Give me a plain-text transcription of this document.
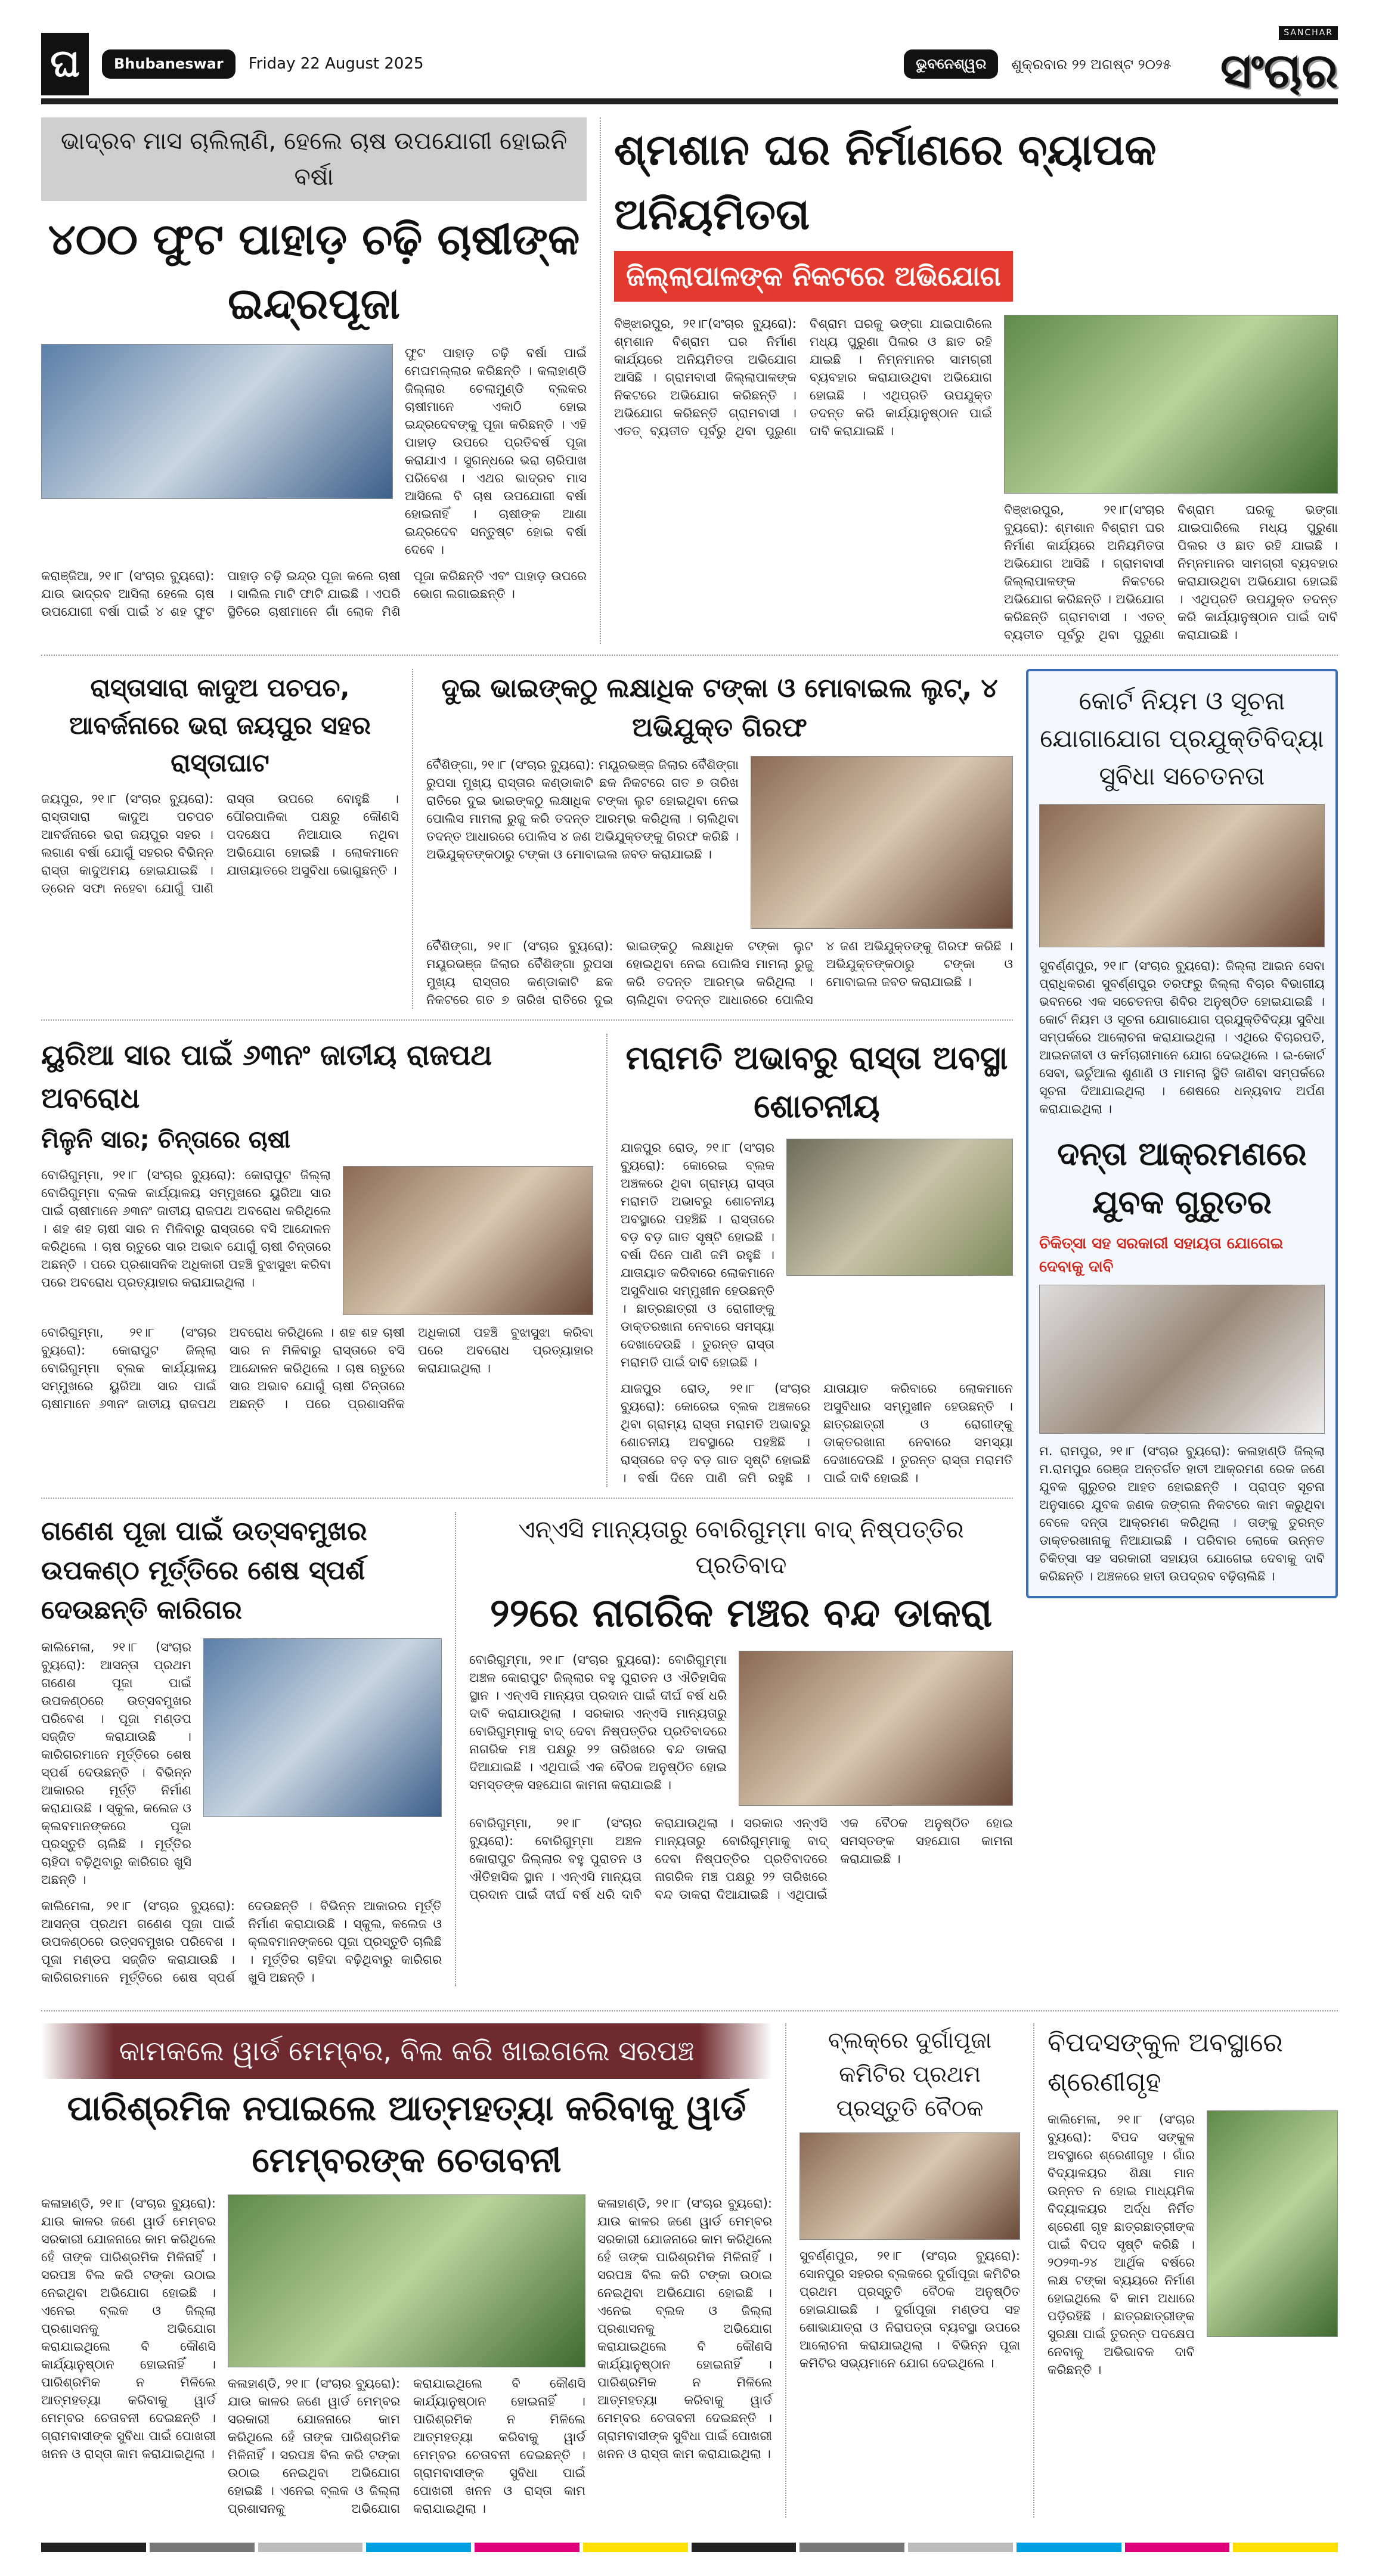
ଘ	Bhubaneswar	Friday 22 August 2025	ଭୁବନେଶ୍ୱର	ଶୁକ୍ରବାର ୨୨ ଅଗଷ୍ଟ ୨୦୨୫
SANCHAR
ସଂଚାର
ଭାଦ୍ରବ ମାସ ଚାଲିଲାଣି, ହେଲେ ଚାଷ ଉପଯୋଗୀ ହୋଇନି ବର୍ଷା
୪୦୦ ଫୁଟ ପାହାଡ଼ ଚଢ଼ି ଚାଷୀଙ୍କ ଇନ୍ଦ୍ରପୂଜା
ଫୁଟ ପାହାଡ଼ ଚଢ଼ି ବର୍ଷା ପାଇଁ ମେଘମଲ୍ଲାର କରିଛନ୍ତି । କଲାହାଣ୍ଡି ଜିଲ୍ଲାର ଚେଲାମୁଣ୍ଡି ବ୍ଲକର ଚାଷୀମାନେ ଏକାଠି ହୋଇ ଇନ୍ଦ୍ରଦେବଙ୍କୁ ପୂଜା କରିଛନ୍ତି । ଏହି ପାହାଡ଼ ଉପରେ ପ୍ରତିବର୍ଷ ପୂଜା କରାଯାଏ । ସୁଗନ୍ଧରେ ଭରା ଚାରିପାଖ ପରିବେଶ । ଏଥର ଭାଦ୍ରବ ମାସ ଆସିଲେ ବି ଚାଷ ଉପଯୋଗୀ ବର୍ଷା ହୋଇନାହିଁ । ଚାଷୀଙ୍କ ଆଶା ଇନ୍ଦ୍ରଦେବ ସନ୍ତୁଷ୍ଟ ହୋଇ ବର୍ଷା ଦେବେ ।
କରାଞ୍ଜିଆ, ୨୧।୮ (ସଂଚାର ବ୍ୟୁରୋ): ଯାଉ ଭାଦ୍ରବ ଆସିଲା ହେଲେ ଚାଷ ଉପଯୋଗୀ ବର୍ଷା ପାଇଁ ୪ ଶହ ଫୁଟ ପାହାଡ଼ ଚଢ଼ି ଇନ୍ଦ୍ର ପୂଜା କଲେ ଚାଷୀ । ସାଲିଲ ମାଟି ଫାଟି ଯାଇଛି । ଏପରି ସ୍ଥିତିରେ ଚାଷୀମାନେ ଗାଁ ଲୋକ ମିଶି ପୂଜା କରିଛନ୍ତି ଏବଂ ପାହାଡ଼ ଉପରେ ଭୋଗ ଲଗାଇଛନ୍ତି ।
ଶ୍ମଶାନ ଘର ନିର୍ମାଣରେ ବ୍ୟାପକ ଅନିୟମିତତା
ଜିଲ୍ଲାପାଳଙ୍କ ନିକଟରେ ଅଭିଯୋଗ
ବିଞ୍ଝାରପୁର, ୨୧।୮(ସଂଚାର ବ୍ୟୁରୋ): ଶ୍ମଶାନ ବିଶ୍ରାମ ଘର ନିର୍ମାଣ କାର୍ଯ୍ୟରେ ଅନିୟମିତତା ଅଭିଯୋଗ ଆସିଛି । ଗ୍ରାମବାସୀ ଜିଲ୍ଲାପାଳଙ୍କ ନିକଟରେ ଅଭିଯୋଗ କରିଛନ୍ତି । ଅଭିଯୋଗ କରିଛନ୍ତି ଗ୍ରାମବାସୀ । ଏତତ୍ ବ୍ୟତୀତ ପୂର୍ବରୁ ଥିବା ପୁରୁଣା ବିଶ୍ରାମ ଘରକୁ ଭଙ୍ଗା ଯାଇପାରିଲେ ମଧ୍ୟ ପୁରୁଣା ପିଲର ଓ ଛାତ ରହି ଯାଇଛି । ନିମ୍ନମାନର ସାମଗ୍ରୀ ବ୍ୟବହାର କରାଯାଉଥିବା ଅଭିଯୋଗ ହୋଇଛି । ଏଥିପ୍ରତି ଉପଯୁକ୍ତ ତଦନ୍ତ କରି କାର୍ଯ୍ୟାନୁଷ୍ଠାନ ପାଇଁ ଦାବି କରାଯାଇଛି ।
ବିଞ୍ଝାରପୁର, ୨୧।୮(ସଂଚାର ବ୍ୟୁରୋ): ଶ୍ମଶାନ ବିଶ୍ରାମ ଘର ନିର୍ମାଣ କାର୍ଯ୍ୟରେ ଅନିୟମିତତା ଅଭିଯୋଗ ଆସିଛି । ଗ୍ରାମବାସୀ ଜିଲ୍ଲାପାଳଙ୍କ ନିକଟରେ ଅଭିଯୋଗ କରିଛନ୍ତି । ଅଭିଯୋଗ କରିଛନ୍ତି ଗ୍ରାମବାସୀ । ଏତତ୍ ବ୍ୟତୀତ ପୂର୍ବରୁ ଥିବା ପୁରୁଣା ବିଶ୍ରାମ ଘରକୁ ଭଙ୍ଗା ଯାଇପାରିଲେ ମଧ୍ୟ ପୁରୁଣା ପିଲର ଓ ଛାତ ରହି ଯାଇଛି । ନିମ୍ନମାନର ସାମଗ୍ରୀ ବ୍ୟବହାର କରାଯାଉଥିବା ଅଭିଯୋଗ ହୋଇଛି । ଏଥିପ୍ରତି ଉପଯୁକ୍ତ ତଦନ୍ତ କରି କାର୍ଯ୍ୟାନୁଷ୍ଠାନ ପାଇଁ ଦାବି କରାଯାଇଛି ।
ରାସ୍ତାସାରା କାଦୁଅ ପଚପଚ, ଆବର୍ଜନାରେ ଭରା ଜୟପୁର ସହର ରାସ୍ତାଘାଟ
ଜୟପୁର, ୨୧।୮ (ସଂଚାର ବ୍ୟୁରୋ): ରାସ୍ତାସାରା କାଦୁଅ ପଚପଚ ଆବର୍ଜନାରେ ଭରା ଜୟପୁର ସହର । ଲଗାଣ ବର୍ଷା ଯୋଗୁଁ ସହରର ବିଭିନ୍ନ ରାସ୍ତା କାଦୁଅମୟ ହୋଇଯାଇଛି । ଡ୍ରେନ ସଫା ନହେବା ଯୋଗୁଁ ପାଣି ରାସ୍ତା ଉପରେ ବୋହୁଛି । ପୌରପାଳିକା ପକ୍ଷରୁ କୌଣସି ପଦକ୍ଷେପ ନିଆଯାଉ ନଥିବା ଅଭିଯୋଗ ହୋଇଛି । ଲୋକମାନେ ଯାତାୟାତରେ ଅସୁବିଧା ଭୋଗୁଛନ୍ତି ।
ଦୁଇ ଭାଇଙ୍କଠୁ ଲକ୍ଷାଧିକ ଟଙ୍କା ଓ ମୋବାଇଲ ଲୁଟ୍, ୪ ଅଭିଯୁକ୍ତ ଗିରଫ
ବୈଁଶିଙ୍ଗା, ୨୧।୮ (ସଂଚାର ବ୍ୟୁରୋ): ମୟୂରଭଞ୍ଜ ଜିଲାର ବୈଁଶିଙ୍ଗା ରୁପସା ମୁଖ୍ୟ ରାସ୍ତାର କଣ୍ଡାକାଟି ଛକ ନିକଟରେ ଗତ ୭ ତାରିଖ ରାତିରେ ଦୁଇ ଭାଇଙ୍କଠୁ ଲକ୍ଷାଧିକ ଟଙ୍କା ଲୁଟ ହୋଇଥିବା ନେଇ ପୋଲିସ ମାମଲା ରୁଜୁ କରି ତଦନ୍ତ ଆରମ୍ଭ କରିଥିଲା । ଚାଲିଥିବା ତଦନ୍ତ ଆଧାରରେ ପୋଲିସ ୪ ଜଣ ଅଭିଯୁକ୍ତଙ୍କୁ ଗିରଫ କରିଛି । ଅଭିଯୁକ୍ତଙ୍କଠାରୁ ଟଙ୍କା ଓ ମୋବାଇଲ ଜବତ କରାଯାଇଛି ।
ବୈଁଶିଙ୍ଗା, ୨୧।୮ (ସଂଚାର ବ୍ୟୁରୋ): ମୟୂରଭଞ୍ଜ ଜିଲାର ବୈଁଶିଙ୍ଗା ରୁପସା ମୁଖ୍ୟ ରାସ୍ତାର କଣ୍ଡାକାଟି ଛକ ନିକଟରେ ଗତ ୭ ତାରିଖ ରାତିରେ ଦୁଇ ଭାଇଙ୍କଠୁ ଲକ୍ଷାଧିକ ଟଙ୍କା ଲୁଟ ହୋଇଥିବା ନେଇ ପୋଲିସ ମାମଲା ରୁଜୁ କରି ତଦନ୍ତ ଆରମ୍ଭ କରିଥିଲା । ଚାଲିଥିବା ତଦନ୍ତ ଆଧାରରେ ପୋଲିସ ୪ ଜଣ ଅଭିଯୁକ୍ତଙ୍କୁ ଗିରଫ କରିଛି । ଅଭିଯୁକ୍ତଙ୍କଠାରୁ ଟଙ୍କା ଓ ମୋବାଇଲ ଜବତ କରାଯାଇଛି ।
ୟୁରିଆ ସାର ପାଇଁ ୬୩ନଂ ଜାତୀୟ ରାଜପଥ ଅବରୋଧ
ମିଳୁନି ସାର; ଚିନ୍ତାରେ ଚାଷୀ
ବୋରିଗୁମ୍ମା, ୨୧।୮ (ସଂଚାର ବ୍ୟୁରୋ): କୋରାପୁଟ ଜିଲ୍ଲା ବୋରିଗୁମ୍ମା ବ୍ଲକ କାର୍ଯ୍ୟାଳୟ ସମ୍ମୁଖରେ ୟୁରିଆ ସାର ପାଇଁ ଚାଷୀମାନେ ୬୩ନଂ ଜାତୀୟ ରାଜପଥ ଅବରୋଧ କରିଥିଲେ । ଶହ ଶହ ଚାଷୀ ସାର ନ ମିଳିବାରୁ ରାସ୍ତାରେ ବସି ଆନ୍ଦୋଳନ କରିଥିଲେ । ଚାଷ ଋତୁରେ ସାର ଅଭାବ ଯୋଗୁଁ ଚାଷୀ ଚିନ୍ତାରେ ଅଛନ୍ତି । ପରେ ପ୍ରଶାସନିକ ଅଧିକାରୀ ପହଞ୍ଚି ବୁଝାସୁଝା କରିବା ପରେ ଅବରୋଧ ପ୍ରତ୍ୟାହାର କରାଯାଇଥିଲା ।
ବୋରିଗୁମ୍ମା, ୨୧।୮ (ସଂଚାର ବ୍ୟୁରୋ): କୋରାପୁଟ ଜିଲ୍ଲା ବୋରିଗୁମ୍ମା ବ୍ଲକ କାର୍ଯ୍ୟାଳୟ ସମ୍ମୁଖରେ ୟୁରିଆ ସାର ପାଇଁ ଚାଷୀମାନେ ୬୩ନଂ ଜାତୀୟ ରାଜପଥ ଅବରୋଧ କରିଥିଲେ । ଶହ ଶହ ଚାଷୀ ସାର ନ ମିଳିବାରୁ ରାସ୍ତାରେ ବସି ଆନ୍ଦୋଳନ କରିଥିଲେ । ଚାଷ ଋତୁରେ ସାର ଅଭାବ ଯୋଗୁଁ ଚାଷୀ ଚିନ୍ତାରେ ଅଛନ୍ତି । ପରେ ପ୍ରଶାସନିକ ଅଧିକାରୀ ପହଞ୍ଚି ବୁଝାସୁଝା କରିବା ପରେ ଅବରୋଧ ପ୍ରତ୍ୟାହାର କରାଯାଇଥିଲା ।
ମରାମତି ଅଭାବରୁ ରାସ୍ତା ଅବସ୍ଥା ଶୋଚନୀୟ
ଯାଜପୁର ରୋଡ୍, ୨୧।୮ (ସଂଚାର ବ୍ୟୁରୋ): କୋରେଇ ବ୍ଲକ ଅଞ୍ଚଳରେ ଥିବା ଗ୍ରାମ୍ୟ ରାସ୍ତା ମରାମତି ଅଭାବରୁ ଶୋଚନୀୟ ଅବସ୍ଥାରେ ପହଞ୍ଚିଛି । ରାସ୍ତାରେ ବଡ଼ ବଡ଼ ଗାତ ସୃଷ୍ଟି ହୋଇଛି । ବର୍ଷା ଦିନେ ପାଣି ଜମି ରହୁଛି । ଯାତାୟାତ କରିବାରେ ଲୋକମାନେ ଅସୁବିଧାର ସମ୍ମୁଖୀନ ହେଉଛନ୍ତି । ଛାତ୍ରଛାତ୍ରୀ ଓ ରୋଗୀଙ୍କୁ ଡାକ୍ତରଖାନା ନେବାରେ ସମସ୍ୟା ଦେଖାଦେଉଛି । ତୁରନ୍ତ ରାସ୍ତା ମରାମତି ପାଇଁ ଦାବି ହୋଇଛି ।
ଯାଜପୁର ରୋଡ୍, ୨୧।୮ (ସଂଚାର ବ୍ୟୁରୋ): କୋରେଇ ବ୍ଲକ ଅଞ୍ଚଳରେ ଥିବା ଗ୍ରାମ୍ୟ ରାସ୍ତା ମରାମତି ଅଭାବରୁ ଶୋଚନୀୟ ଅବସ୍ଥାରେ ପହଞ୍ଚିଛି । ରାସ୍ତାରେ ବଡ଼ ବଡ଼ ଗାତ ସୃଷ୍ଟି ହୋଇଛି । ବର୍ଷା ଦିନେ ପାଣି ଜମି ରହୁଛି । ଯାତାୟାତ କରିବାରେ ଲୋକମାନେ ଅସୁବିଧାର ସମ୍ମୁଖୀନ ହେଉଛନ୍ତି । ଛାତ୍ରଛାତ୍ରୀ ଓ ରୋଗୀଙ୍କୁ ଡାକ୍ତରଖାନା ନେବାରେ ସମସ୍ୟା ଦେଖାଦେଉଛି । ତୁରନ୍ତ ରାସ୍ତା ମରାମତି ପାଇଁ ଦାବି ହୋଇଛି ।
ଗଣେଶ ପୂଜା ପାଇଁ ଉତ୍ସବମୁଖର ଉପକଣ୍ଠ ମୂର୍ତ୍ତିରେ ଶେଷ ସ୍ପର୍ଶ ଦେଉଛନ୍ତି କାରିଗର
କାଲିମେଳା, ୨୧।୮ (ସଂଚାର ବ୍ୟୁରୋ): ଆସନ୍ତା ପ୍ରଥମ ଗଣେଶ ପୂଜା ପାଇଁ ଉପକଣ୍ଠରେ ଉତ୍ସବମୁଖର ପରିବେଶ । ପୂଜା ମଣ୍ଡପ ସଜ୍ଜିତ କରାଯାଉଛି । କାରିଗରମାନେ ମୂର୍ତ୍ତିରେ ଶେଷ ସ୍ପର୍ଶ ଦେଉଛନ୍ତି । ବିଭିନ୍ନ ଆକାରର ମୂର୍ତ୍ତି ନିର୍ମାଣ କରାଯାଉଛି । ସ୍କୁଲ, କଲେଜ ଓ କ୍ଲବମାନଙ୍କରେ ପୂଜା ପ୍ରସ୍ତୁତି ଚାଲିଛି । ମୂର୍ତ୍ତିର ଚାହିଦା ବଢ଼ିଥିବାରୁ କାରିଗର ଖୁସି ଅଛନ୍ତି ।
କାଲିମେଳା, ୨୧।୮ (ସଂଚାର ବ୍ୟୁରୋ): ଆସନ୍ତା ପ୍ରଥମ ଗଣେଶ ପୂଜା ପାଇଁ ଉପକଣ୍ଠରେ ଉତ୍ସବମୁଖର ପରିବେଶ । ପୂଜା ମଣ୍ଡପ ସଜ୍ଜିତ କରାଯାଉଛି । କାରିଗରମାନେ ମୂର୍ତ୍ତିରେ ଶେଷ ସ୍ପର୍ଶ ଦେଉଛନ୍ତି । ବିଭିନ୍ନ ଆକାରର ମୂର୍ତ୍ତି ନିର୍ମାଣ କରାଯାଉଛି । ସ୍କୁଲ, କଲେଜ ଓ କ୍ଲବମାନଙ୍କରେ ପୂଜା ପ୍ରସ୍ତୁତି ଚାଲିଛି । ମୂର୍ତ୍ତିର ଚାହିଦା ବଢ଼ିଥିବାରୁ କାରିଗର ଖୁସି ଅଛନ୍ତି ।
ଏନ୍ଏସି ମାନ୍ୟତାରୁ ବୋରିଗୁମ୍ମା ବାଦ୍ ନିଷ୍ପତ୍ତିର ପ୍ରତିବାଦ
୨୨ରେ ନାଗରିକ ମଞ୍ଚର ବନ୍ଦ ଡାକରା
ବୋରିଗୁମ୍ମା, ୨୧।୮ (ସଂଚାର ବ୍ୟୁରୋ): ବୋରିଗୁମ୍ମା ଅଞ୍ଚଳ କୋରାପୁଟ ଜିଲ୍ଲାର ବହୁ ପୁରାତନ ଓ ଐତିହାସିକ ସ୍ଥାନ । ଏନ୍ଏସି ମାନ୍ୟତା ପ୍ରଦାନ ପାଇଁ ଦୀର୍ଘ ବର୍ଷ ଧରି ଦାବି କରାଯାଉଥିଲା । ସରକାର ଏନ୍ଏସି ମାନ୍ୟତାରୁ ବୋରିଗୁମ୍ମାକୁ ବାଦ୍ ଦେବା ନିଷ୍ପତ୍ତିର ପ୍ରତିବାଦରେ ନାଗରିକ ମଞ୍ଚ ପକ୍ଷରୁ ୨୨ ତାରିଖରେ ବନ୍ଦ ଡାକରା ଦିଆଯାଇଛି । ଏଥିପାଇଁ ଏକ ବୈଠକ ଅନୁଷ୍ଠିତ ହୋଇ ସମସ୍ତଙ୍କ ସହଯୋଗ କାମନା କରାଯାଇଛି ।
ବୋରିଗୁମ୍ମା, ୨୧।୮ (ସଂଚାର ବ୍ୟୁରୋ): ବୋରିଗୁମ୍ମା ଅଞ୍ଚଳ କୋରାପୁଟ ଜିଲ୍ଲାର ବହୁ ପୁରାତନ ଓ ଐତିହାସିକ ସ୍ଥାନ । ଏନ୍ଏସି ମାନ୍ୟତା ପ୍ରଦାନ ପାଇଁ ଦୀର୍ଘ ବର୍ଷ ଧରି ଦାବି କରାଯାଉଥିଲା । ସରକାର ଏନ୍ଏସି ମାନ୍ୟତାରୁ ବୋରିଗୁମ୍ମାକୁ ବାଦ୍ ଦେବା ନିଷ୍ପତ୍ତିର ପ୍ରତିବାଦରେ ନାଗରିକ ମଞ୍ଚ ପକ୍ଷରୁ ୨୨ ତାରିଖରେ ବନ୍ଦ ଡାକରା ଦିଆଯାଇଛି । ଏଥିପାଇଁ ଏକ ବୈଠକ ଅନୁଷ୍ଠିତ ହୋଇ ସମସ୍ତଙ୍କ ସହଯୋଗ କାମନା କରାଯାଇଛି ।
କୋର୍ଟ ନିୟମ ଓ ସୂଚନା ଯୋଗାଯୋଗ ପ୍ରଯୁକ୍ତିବିଦ୍ୟା ସୁବିଧା ସଚେତନତା
ସୁବର୍ଣ୍ଣପୁର, ୨୧।୮ (ସଂଚାର ବ୍ୟୁରୋ): ଜିଲ୍ଲା ଆଇନ ସେବା ପ୍ରାଧିକରଣ ସୁବର୍ଣ୍ଣପୁର ତରଫରୁ ଜିଲ୍ଲା ବିଚାର ବିଭାଗୀୟ ଭବନରେ ଏକ ସଚେତନତା ଶିବିର ଅନୁଷ୍ଠିତ ହୋଇଯାଇଛି । କୋର୍ଟ ନିୟମ ଓ ସୂଚନା ଯୋଗାଯୋଗ ପ୍ରଯୁକ୍ତିବିଦ୍ୟା ସୁବିଧା ସମ୍ପର୍କରେ ଆଲୋଚନା କରାଯାଇଥିଲା । ଏଥିରେ ବିଚାରପତି, ଆଇନଜୀବୀ ଓ କର୍ମଚାରୀମାନେ ଯୋଗ ଦେଇଥିଲେ । ଇ-କୋର୍ଟ ସେବା, ଭର୍ଚୁଆଲ ଶୁଣାଣି ଓ ମାମଲା ସ୍ଥିତି ଜାଣିବା ସମ୍ପର୍କରେ ସୂଚନା ଦିଆଯାଇଥିଲା । ଶେଷରେ ଧନ୍ୟବାଦ ଅର୍ପଣ କରାଯାଇଥିଲା ।
ଦନ୍ତା ଆକ୍ରମଣରେ ଯୁବକ ଗୁରୁତର
ଚିକିତ୍ସା ସହ ସରକାରୀ ସହାୟତା ଯୋଗେଇ ଦେବାକୁ ଦାବି
ମ. ରାମପୁର, ୨୧।୮ (ସଂଚାର ବ୍ୟୁରୋ): କଳାହାଣ୍ଡି ଜିଲ୍ଲା ମ.ରାମପୁର ରେଞ୍ଜ ଅନ୍ତର୍ଗତ ହାତୀ ଆକ୍ରମଣ ରେକ ଜଣେ ଯୁବକ ଗୁରୁତର ଆହତ ହୋଇଛନ୍ତି । ପ୍ରାପ୍ତ ସୂଚନା ଅନୁସାରେ ଯୁବକ ଜଣକ ଜଙ୍ଗଲ ନିକଟରେ କାମ କରୁଥିବା ବେଳେ ଦନ୍ତା ଆକ୍ରମଣ କରିଥିଲା । ତାଙ୍କୁ ତୁରନ୍ତ ଡାକ୍ତରଖାନାକୁ ନିଆଯାଇଛି । ପରିବାର ଲୋକେ ଉନ୍ନତ ଚିକିତ୍ସା ସହ ସରକାରୀ ସହାୟତା ଯୋଗେଇ ଦେବାକୁ ଦାବି କରିଛନ୍ତି । ଅଞ୍ଚଳରେ ହାତୀ ଉପଦ୍ରବ ବଢ଼ିଚାଲିଛି ।
କାମକଲେ ୱାର୍ଡ ମେମ୍ବର, ବିଲ କରି ଖାଇଗଲେ ସରପଞ୍ଚ
ପାରିଶ୍ରମିକ ନପାଇଲେ ଆତ୍ମହତ୍ୟା କରିବାକୁ ୱାର୍ଡ ମେମ୍ବରଙ୍କ ଚେତାବନୀ
କଳାହାଣ୍ଡି, ୨୧।୮ (ସଂଚାର ବ୍ୟୁରୋ): ଯାଉ କାଳର ଜଣେ ୱାର୍ଡ ମେମ୍ବର ସରକାରୀ ଯୋଜନାରେ କାମ କରିଥିଲେ ହେଁ ତାଙ୍କ ପାରିଶ୍ରମିକ ମିଳିନାହିଁ । ସରପଞ୍ଚ ବିଲ କରି ଟଙ୍କା ଉଠାଇ ନେଇଥିବା ଅଭିଯୋଗ ହୋଇଛି । ଏନେଇ ବ୍ଲକ ଓ ଜିଲ୍ଲା ପ୍ରଶାସନକୁ ଅଭିଯୋଗ କରାଯାଇଥିଲେ ବି କୌଣସି କାର୍ଯ୍ୟାନୁଷ୍ଠାନ ହୋଇନାହିଁ । ପାରିଶ୍ରମିକ ନ ମିଳିଲେ ଆତ୍ମହତ୍ୟା କରିବାକୁ ୱାର୍ଡ ମେମ୍ବର ଚେତାବନୀ ଦେଇଛନ୍ତି । ଗ୍ରାମବାସୀଙ୍କ ସୁବିଧା ପାଇଁ ପୋଖରୀ ଖନନ ଓ ରାସ୍ତା କାମ କରାଯାଇଥିଲା ।
କଳାହାଣ୍ଡି, ୨୧।୮ (ସଂଚାର ବ୍ୟୁରୋ): ଯାଉ କାଳର ଜଣେ ୱାର୍ଡ ମେମ୍ବର ସରକାରୀ ଯୋଜନାରେ କାମ କରିଥିଲେ ହେଁ ତାଙ୍କ ପାରିଶ୍ରମିକ ମିଳିନାହିଁ । ସରପଞ୍ଚ ବିଲ କରି ଟଙ୍କା ଉଠାଇ ନେଇଥିବା ଅଭିଯୋଗ ହୋଇଛି । ଏନେଇ ବ୍ଲକ ଓ ଜିଲ୍ଲା ପ୍ରଶାସନକୁ ଅଭିଯୋଗ କରାଯାଇଥିଲେ ବି କୌଣସି କାର୍ଯ୍ୟାନୁଷ୍ଠାନ ହୋଇନାହିଁ । ପାରିଶ୍ରମିକ ନ ମିଳିଲେ ଆତ୍ମହତ୍ୟା କରିବାକୁ ୱାର୍ଡ ମେମ୍ବର ଚେତାବନୀ ଦେଇଛନ୍ତି । ଗ୍ରାମବାସୀଙ୍କ ସୁବିଧା ପାଇଁ ପୋଖରୀ ଖନନ ଓ ରାସ୍ତା କାମ କରାଯାଇଥିଲା ।
କଳାହାଣ୍ଡି, ୨୧।୮ (ସଂଚାର ବ୍ୟୁରୋ): ଯାଉ କାଳର ଜଣେ ୱାର୍ଡ ମେମ୍ବର ସରକାରୀ ଯୋଜନାରେ କାମ କରିଥିଲେ ହେଁ ତାଙ୍କ ପାରିଶ୍ରମିକ ମିଳିନାହିଁ । ସରପଞ୍ଚ ବିଲ କରି ଟଙ୍କା ଉଠାଇ ନେଇଥିବା ଅଭିଯୋଗ ହୋଇଛି । ଏନେଇ ବ୍ଲକ ଓ ଜିଲ୍ଲା ପ୍ରଶାସନକୁ ଅଭିଯୋଗ କରାଯାଇଥିଲେ ବି କୌଣସି କାର୍ଯ୍ୟାନୁଷ୍ଠାନ ହୋଇନାହିଁ । ପାରିଶ୍ରମିକ ନ ମିଳିଲେ ଆତ୍ମହତ୍ୟା କରିବାକୁ ୱାର୍ଡ ମେମ୍ବର ଚେତାବନୀ ଦେଇଛନ୍ତି । ଗ୍ରାମବାସୀଙ୍କ ସୁବିଧା ପାଇଁ ପୋଖରୀ ଖନନ ଓ ରାସ୍ତା କାମ କରାଯାଇଥିଲା ।
ବ୍ଲକ୍‌ରେ ଦୁର୍ଗାପୂଜା କମିଟିର ପ୍ରଥମ ପ୍ରସ୍ତୁତି ବୈଠକ
ସୁବର୍ଣ୍ଣପୁର, ୨୧।୮ (ସଂଚାର ବ୍ୟୁରୋ): ସୋନପୁର ସହରର ବ୍ଲକରେ ଦୁର୍ଗାପୂଜା କମିଟିର ପ୍ରଥମ ପ୍ରସ୍ତୁତି ବୈଠକ ଅନୁଷ୍ଠିତ ହୋଇଯାଇଛି । ଦୁର୍ଗାପୂଜା ମଣ୍ଡପ ସହ ଶୋଭାଯାତ୍ରା ଓ ନିରାପତ୍ତା ବ୍ୟବସ୍ଥା ଉପରେ ଆଲୋଚନା କରାଯାଇଥିଲା । ବିଭିନ୍ନ ପୂଜା କମିଟିର ସଭ୍ୟମାନେ ଯୋଗ ଦେଇଥିଲେ ।
ବିପଦସଙ୍କୁଳ ଅବସ୍ଥାରେ ଶ୍ରେଣୀଗୃହ
କାଲିମେଳା, ୨୧।୮ (ସଂଚାର ବ୍ୟୁରୋ): ବିପଦ ସଙ୍କୁଳ ଅବସ୍ଥାରେ ଶ୍ରେଣୀଗୃହ । ଗାଁର ବିଦ୍ୟାଳୟର ଶିକ୍ଷା ମାନ ଉନ୍ନତ ନ ହୋଇ ମାଧ୍ୟମିକ ବିଦ୍ୟାଳୟର ଅର୍ଦ୍ଧ ନିର୍ମିତ ଶ୍ରେଣୀ ଗୃହ ଛାତ୍ରଛାତ୍ରୀଙ୍କ ପାଇଁ ବିପଦ ସୃଷ୍ଟି କରିଛି । ୨୦୨୩-୨୪ ଆର୍ଥିକ ବର୍ଷରେ ଲକ୍ଷ ଟଙ୍କା ବ୍ୟୟରେ ନିର୍ମାଣ ହୋଇଥିଲେ ବି କାମ ଅଧାରେ ପଡ଼ିରହିଛି । ଛାତ୍ରଛାତ୍ରୀଙ୍କ ସୁରକ୍ଷା ପାଇଁ ତୁରନ୍ତ ପଦକ୍ଷେପ ନେବାକୁ ଅଭିଭାବକ ଦାବି କରିଛନ୍ତି ।
